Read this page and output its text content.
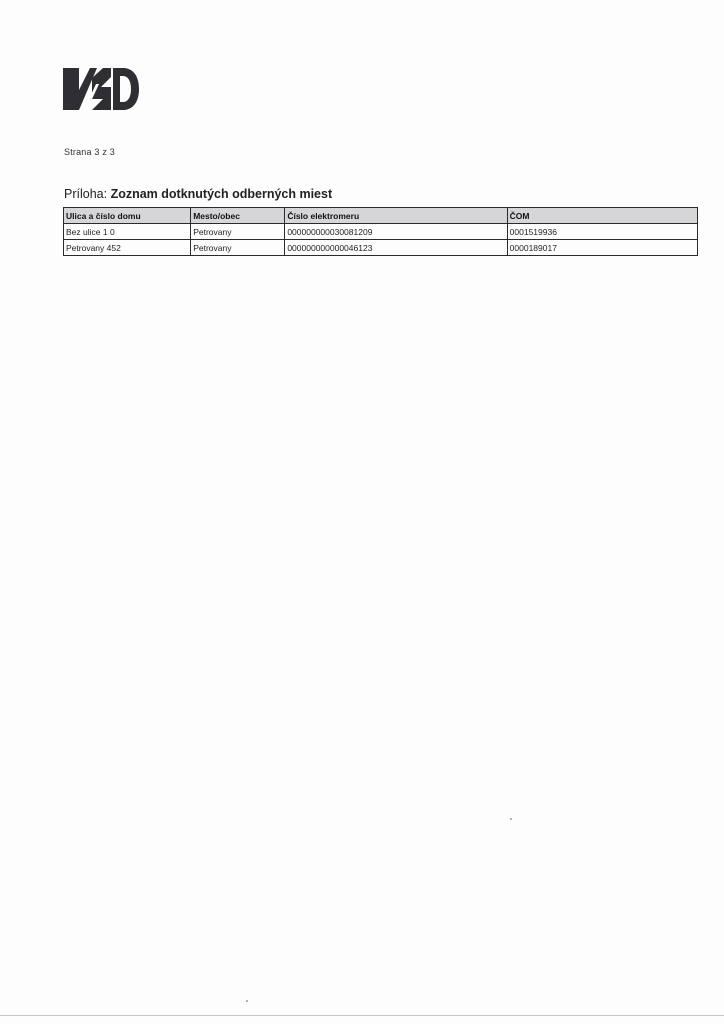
Strana 3 z 3
Príloha: Zoznam dotknutých odberných miest
Ulica a číslo domu	Mesto/obec	Číslo elektromeru	ČOM
Bez ulice 1 0	Petrovany	000000000030081209	0001519936
Petrovany 452	Petrovany	000000000000046123	0000189017
